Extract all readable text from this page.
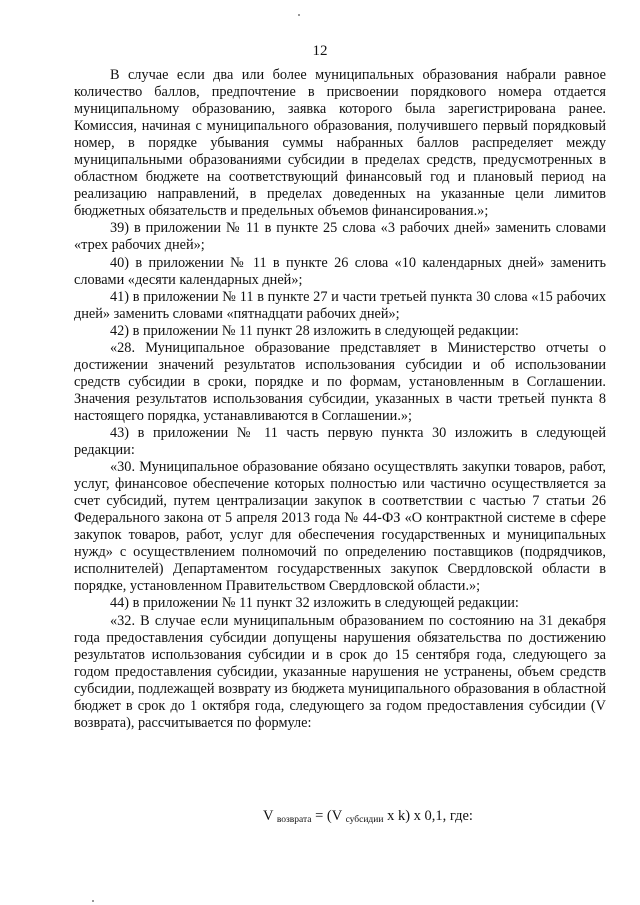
12

В случае если два или более муниципальных образования набрали равное количество баллов, предпочтение в присвоении порядкового номера отдается муниципальному образованию, заявка которого была зарегистрирована ранее. Комиссия, начиная с муниципального образования, получившего первый порядковый номер, в порядке убывания суммы набранных баллов распределяет между муниципальными образованиями субсидии в пределах средств, предусмотренных в областном бюджете на соответствующий финансовый год и плановый период на реализацию направлений, в пределах доведенных на указанные цели лимитов бюджетных обязательств и предельных объемов финансирования.»;

39) в приложении № 11 в пункте 25 слова «3 рабочих дней» заменить словами «трех рабочих дней»;

40) в приложении № 11 в пункте 26 слова «10 календарных дней» заменить словами «десяти календарных дней»;

41) в приложении № 11 в пункте 27 и части третьей пункта 30 слова «15 рабочих дней» заменить словами «пятнадцати рабочих дней»;

42) в приложении № 11 пункт 28 изложить в следующей редакции:

«28. Муниципальное образование представляет в Министерство отчеты о достижении значений результатов использования субсидии и об использовании средств субсидии в сроки, порядке и по формам, установленным в Соглашении. Значения результатов использования субсидии, указанных в части третьей пункта 8 настоящего порядка, устанавливаются в Соглашении.»;

43) в приложении № 11 часть первую пункта 30 изложить в следующей редакции:

«30. Муниципальное образование обязано осуществлять закупки товаров, работ, услуг, финансовое обеспечение которых полностью или частично осуществляется за счет субсидий, путем централизации закупок в соответствии с частью 7 статьи 26 Федерального закона от 5 апреля 2013 года № 44-ФЗ «О контрактной системе в сфере закупок товаров, работ, услуг для обеспечения государственных и муниципальных нужд» с осуществлением полномочий по определению поставщиков (подрядчиков, исполнителей) Департаментом государственных закупок Свердловской области в порядке, установленном Правительством Свердловской области.»;

44) в приложении № 11 пункт 32 изложить в следующей редакции:

«32. В случае если муниципальным образованием по состоянию на 31 декабря года предоставления субсидии допущены нарушения обязательства по достижению результатов использования субсидии и в срок до 15 сентября года, следующего за годом предоставления субсидии, указанные нарушения не устранены, объем средств субсидии, подлежащей возврату из бюджета муниципального образования в областной бюджет в срок до 1 октября года, следующего за годом предоставления субсидии (V возврата), рассчитывается по формуле:

V возврата = (V субсидии х k) х 0,1, где:
